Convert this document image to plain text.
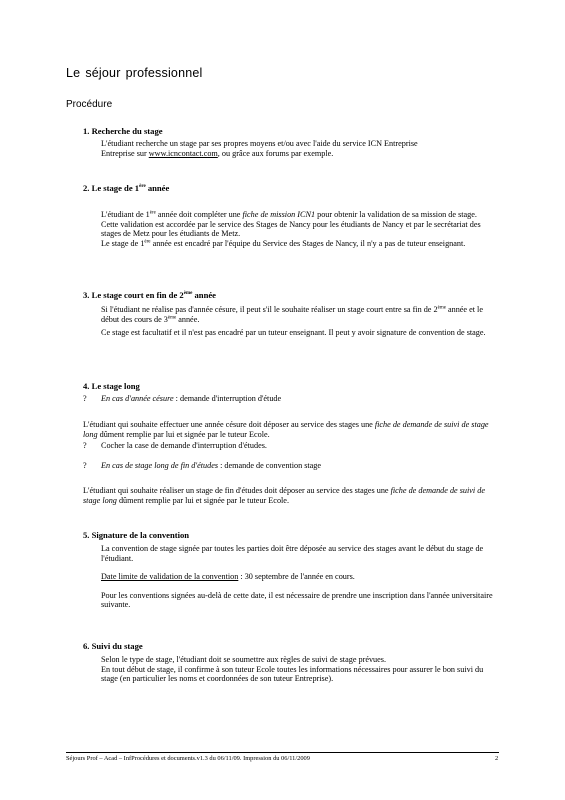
Le séjour professionnel
Procédure
1. Recherche du stage

L'étudiant recherche un stage par ses propres moyens et/ou avec l'aide du service ICN Entreprise

Entreprise sur www.icncontact.com, ou grâce aux forums par exemple.

2. Le stage de 1ère année

L'étudiant de 1ère année doit compléter une fiche de mission ICN1 pour obtenir la validation de sa mission de stage. Cette validation est accordée par le service des Stages de Nancy pour les étudiants de Nancy et par le secrétariat des stages de Metz pour les étudiants de Metz.

Le stage de 1ère année est encadré par l'équipe du Service des Stages de Nancy, il n'y a pas de tuteur enseignant.

3. Le stage court en fin de 2ème année

Si l'étudiant ne réalise pas d'année césure, il peut s'il le souhaite réaliser un stage court entre sa fin de 2ème année et le début des cours de 3ème année.

Ce stage est facultatif et il n'est pas encadré par un tuteur enseignant. Il peut y avoir signature de convention de stage.

4. Le stage long
? En cas d'année césure : demande d'interruption d'étude

L'étudiant qui souhaite effectuer une année césure doit déposer au service des stages une fiche de demande de suivi de stage long dûment remplie par lui et signée par le tuteur Ecole.

? Cocher la case de demande d'interruption d'études.
? En cas de stage long de fin d'études : demande de convention stage

L'étudiant qui souhaite réaliser un stage de fin d'études doit déposer au service des stages une fiche de demande de suivi de stage long dûment remplie par lui et signée par le tuteur Ecole.

5. Signature de la convention

La convention de stage signée par toutes les parties doit être déposée au service des stages avant le début du stage de l'étudiant.

Date limite de validation de la convention : 30 septembre de l'année en cours.

Pour les conventions signées au-delà de cette date, il est nécessaire de prendre une inscription dans l'année universitaire suivante.

6. Suivi du stage

Selon le type de stage, l'étudiant doit se soumettre aux règles de suivi de stage prévues.

En tout début de stage, il confirme à son tuteur Ecole toutes les informations nécessaires pour assurer le bon suivi du stage (en particulier les noms et coordonnées de son tuteur Entreprise).

Séjours Prof – Acad – InfProcédures et documents.v1.3 du 06/11/09. Impression du 06/11/2009	2
